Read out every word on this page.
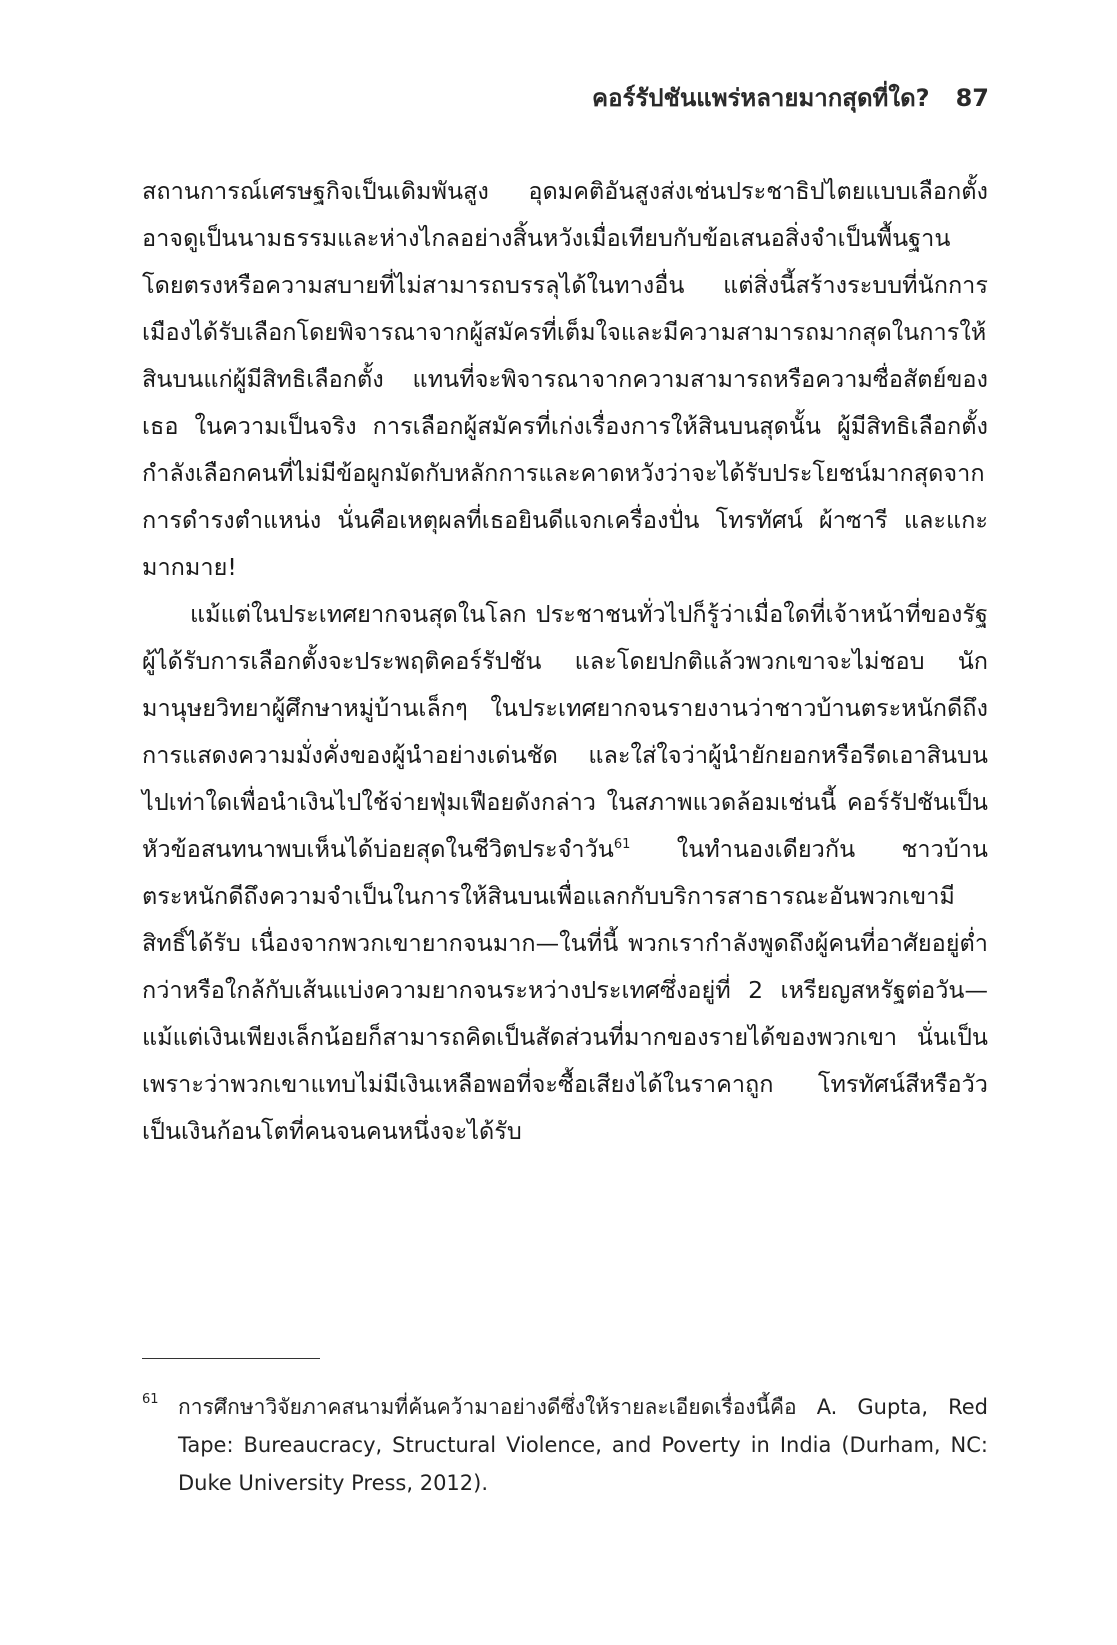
คอร์รัปชันแพร่หลายมากสุดที่ใด? 87

สถานการณ์เศรษฐกิจเป็นเดิมพันสูง อุดมคติอันสูงส่งเช่นประชาธิปไตยแบบเลือกตั้งอาจดูเป็นนามธรรมและห่างไกลอย่างสิ้นหวังเมื่อเทียบกับข้อเสนอสิ่งจำเป็นพื้นฐานโดยตรงหรือความสบายที่ไม่สามารถบรรลุได้ในทางอื่น แต่สิ่งนี้สร้างระบบที่นักการเมืองได้รับเลือกโดยพิจารณาจากผู้สมัครที่เต็มใจและมีความสามารถมากสุดในการให้สินบนแก่ผู้มีสิทธิเลือกตั้ง แทนที่จะพิจารณาจากความสามารถหรือความซื่อสัตย์ของเธอ ในความเป็นจริง การเลือกผู้สมัครที่เก่งเรื่องการให้สินบนสุดนั้น ผู้มีสิทธิเลือกตั้งกำลังเลือกคนที่ไม่มีข้อผูกมัดกับหลักการและคาดหวังว่าจะได้รับประโยชน์มากสุดจากการดำรงตำแหน่ง นั่นคือเหตุผลที่เธอยินดีแจกเครื่องปั่น โทรทัศน์ ผ้าซารี และแกะมากมาย!

แม้แต่ในประเทศยากจนสุดในโลก ประชาชนทั่วไปก็รู้ว่าเมื่อใดที่เจ้าหน้าที่ของรัฐผู้ได้รับการเลือกตั้งจะประพฤติคอร์รัปชัน และโดยปกติแล้วพวกเขาจะไม่ชอบ นักมานุษยวิทยาผู้ศึกษาหมู่บ้านเล็กๆ ในประเทศยากจนรายงานว่าชาวบ้านตระหนักดีถึงการแสดงความมั่งคั่งของผู้นำอย่างเด่นชัด และใส่ใจว่าผู้นำยักยอกหรือรีดเอาสินบนไปเท่าใดเพื่อนำเงินไปใช้จ่ายฟุ่มเฟือยดังกล่าว ในสภาพแวดล้อมเช่นนี้ คอร์รัปชันเป็นหัวข้อสนทนาพบเห็นได้บ่อยสุดในชีวิตประจำวัน$^{61}$ ในทำนองเดียวกัน ชาวบ้านตระหนักดีถึงความจำเป็นในการให้สินบนเพื่อแลกกับบริการสาธารณะอันพวกเขามีสิทธิ์ได้รับ เนื่องจากพวกเขายากจนมาก—ในที่นี้ พวกเรากำลังพูดถึงผู้คนที่อาศัยอยู่ต่ำกว่าหรือใกล้กับเส้นแบ่งความยากจนระหว่างประเทศซึ่งอยู่ที่ 2 เหรียญสหรัฐต่อวัน—แม้แต่เงินเพียงเล็กน้อยก็สามารถคิดเป็นสัดส่วนที่มากของรายได้ของพวกเขา นั่นเป็นเพราะว่าพวกเขาแทบไม่มีเงินเหลือพอที่จะซื้อเสียงได้ในราคาถูก โทรทัศน์สีหรือวัวเป็นเงินก้อนโตที่คนจนคนหนึ่งจะได้รับ

61 การศึกษาวิจัยภาคสนามที่ค้นคว้ามาอย่างดีซึ่งให้รายละเอียดเรื่องนี้คือ A. Gupta, Red Tape: Bureaucracy, Structural Violence, and Poverty in India (Durham, NC: Duke University Press, 2012).
